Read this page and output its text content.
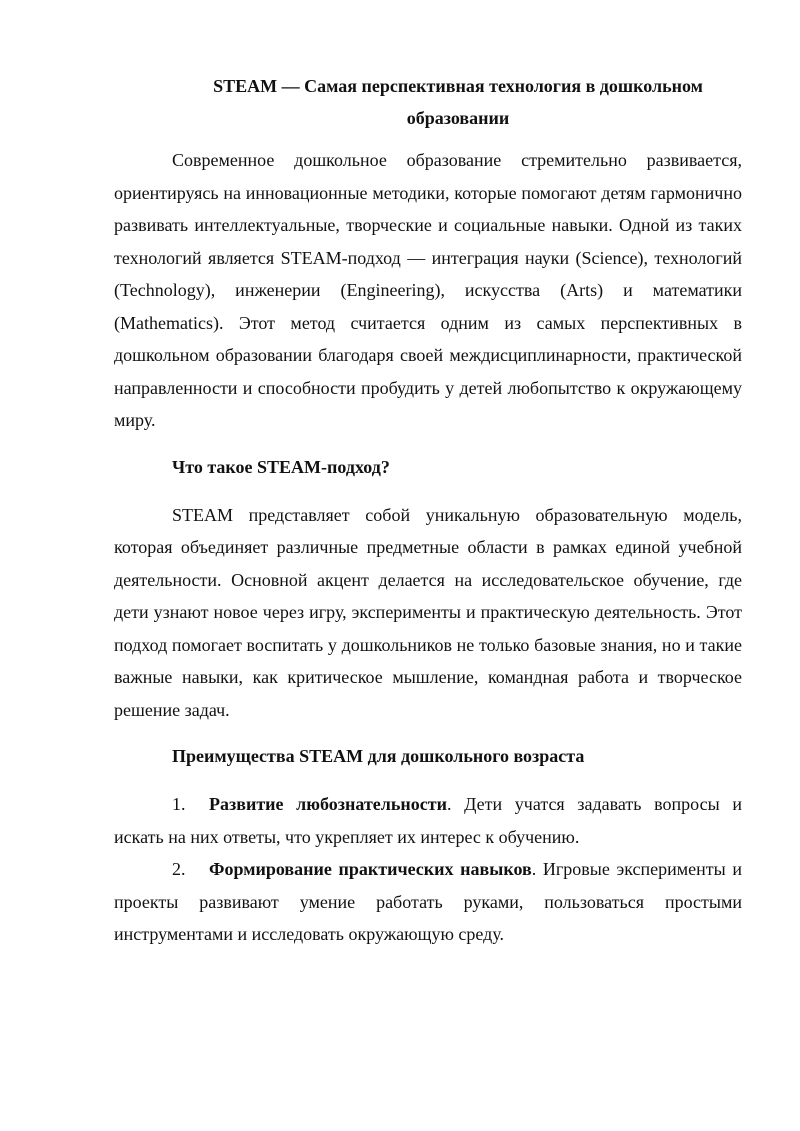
STEAM — Самая перспективная технология в дошкольном образовании

Современное дошкольное образование стремительно развивается, ориентируясь на инновационные методики, которые помогают детям гармонично развивать интеллектуальные, творческие и социальные навыки. Одной из таких технологий является STEAM-подход — интеграция науки (Science), технологий (Technology), инженерии (Engineering), искусства (Arts) и математики (Mathematics). Этот метод считается одним из самых перспективных в дошкольном образовании благодаря своей междисциплинарности, практической направленности и способности пробудить у детей любопытство к окружающему миру.

Что такое STEAM-подход?

STEAM представляет собой уникальную образовательную модель, которая объединяет различные предметные области в рамках единой учебной деятельности. Основной акцент делается на исследовательское обучение, где дети узнают новое через игру, эксперименты и практическую деятельность. Этот подход помогает воспитать у дошкольников не только базовые знания, но и такие важные навыки, как критическое мышление, командная работа и творческое решение задач.

Преимущества STEAM для дошкольного возраста

1. Развитие любознательности. Дети учатся задавать вопросы и искать на них ответы, что укрепляет их интерес к обучению.

2. Формирование практических навыков. Игровые эксперименты и проекты развивают умение работать руками, пользоваться простыми инструментами и исследовать окружающую среду.
